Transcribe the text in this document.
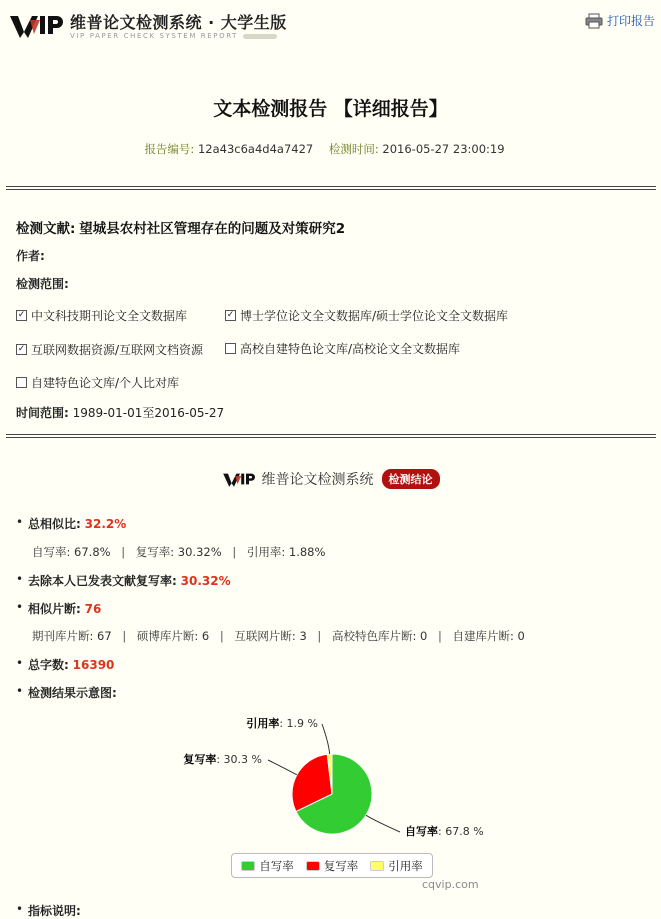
维普论文检测系统 · 大学生版
VIP PAPER CHECK SYSTEM REPORT
打印报告
文本检测报告 【详细报告】
报告编号: 12a43c6a4d4a7427 检测时间: 2016-05-27 23:00:19
检测文献: 望城县农村社区管理存在的问题及对策研究2
作者:
检测范围:
✓ 中文科技期刊论文全文数据库	✓ 博士学位论文全文数据库/硕士学位论文全文数据库
✓ 互联网数据资源/互联网文档资源	高校自建特色论文库/高校论文全文数据库
自建特色论文库/个人比对库
时间范围: 1989-01-01至2016-05-27
维普论文检测系统	检测结论
• 总相似比: 32.2%
自写率: 67.8% | 复写率: 30.32% | 引用率: 1.88%
• 去除本人已发表文献复写率: 30.32%
• 相似片断: 76
期刊库片断: 67 | 硕博库片断: 6 | 互联网片断: 3 | 高校特色库片断: 0 | 自建库片断: 0
• 总字数: 16390
• 检测结果示意图:
自写率: 67.8 %
复写率: 30.3 %
引用率: 1.9 %
自写率	复写率	引用率
cqvip.com
• 指标说明:
